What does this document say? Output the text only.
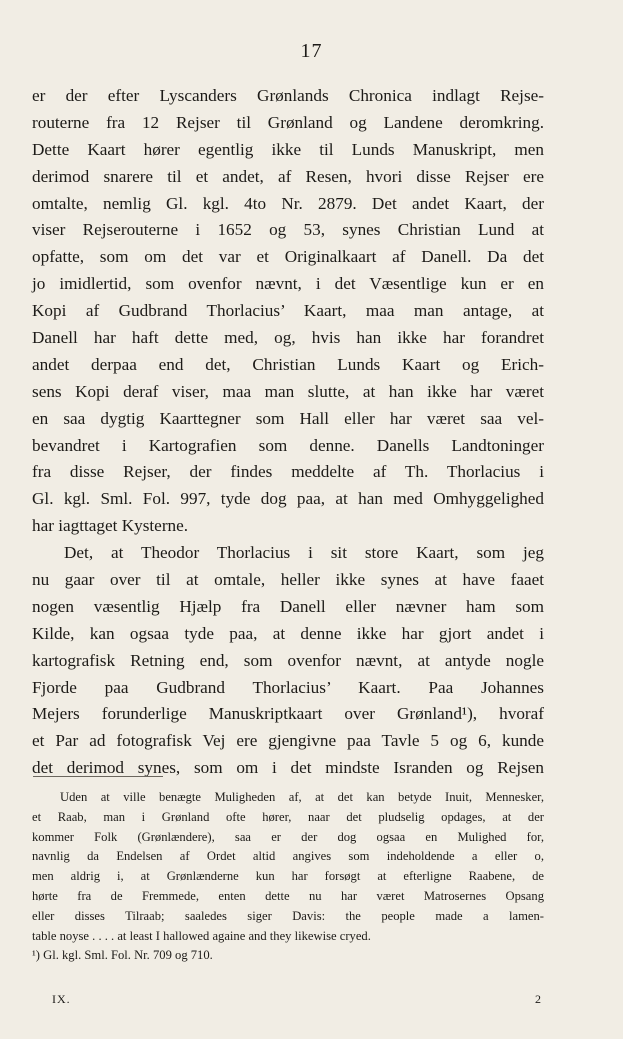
17
er der efter Lyscanders Grønlands Chronica indlagt Rejse-
routerne fra 12 Rejser til Grønland og Landene deromkring.
Dette Kaart hører egentlig ikke til Lunds Manuskript, men
derimod snarere til et andet, af Resen, hvori disse Rejser ere
omtalte, nemlig Gl. kgl. 4to Nr. 2879. Det andet Kaart, der
viser Rejserouterne i 1652 og 53, synes Christian Lund at
opfatte, som om det var et Originalkaart af Danell. Da det
jo imidlertid, som ovenfor nævnt, i det Væsentlige kun er en
Kopi af Gudbrand Thorlacius’ Kaart, maa man antage, at
Danell har haft dette med, og, hvis han ikke har forandret
andet derpaa end det, Christian Lunds Kaart og Erich-
sens Kopi deraf viser, maa man slutte, at han ikke har været
en saa dygtig Kaarttegner som Hall eller har været saa vel-
bevandret i Kartografien som denne. Danells Landtoninger
fra disse Rejser, der findes meddelte af Th. Thorlacius i
Gl. kgl. Sml. Fol. 997, tyde dog paa, at han med Omhyggelighed
har iagttaget Kysterne.
Det, at Theodor Thorlacius i sit store Kaart, som jeg
nu gaar over til at omtale, heller ikke synes at have faaet
nogen væsentlig Hjælp fra Danell eller nævner ham som
Kilde, kan ogsaa tyde paa, at denne ikke har gjort andet i
kartografisk Retning end, som ovenfor nævnt, at antyde nogle
Fjorde paa Gudbrand Thorlacius’ Kaart. Paa Johannes
Mejers forunderlige Manuskriptkaart over Grønland¹), hvoraf
et Par ad fotografisk Vej ere gjengivne paa Tavle 5 og 6, kunde
det derimod synes, som om i det mindste Isranden og Rejsen
Uden at ville benægte Muligheden af, at det kan betyde Inuit, Mennesker,
et Raab, man i Grønland ofte hører, naar det pludselig opdages, at der
kommer Folk (Grønlændere), saa er der dog ogsaa en Mulighed for,
navnlig da Endelsen af Ordet altid angives som indeholdende a eller o,
men aldrig i, at Grønlænderne kun har forsøgt at efterligne Raabene, de
hørte fra de Fremmede, enten dette nu har været Matrosernes Opsang
eller disses Tilraab; saaledes siger Davis: the people made a lamen-
table noyse . . . . at least I hallowed againe and they likewise cryed.
¹) Gl. kgl. Sml. Fol. Nr. 709 og 710.
IX.	2
